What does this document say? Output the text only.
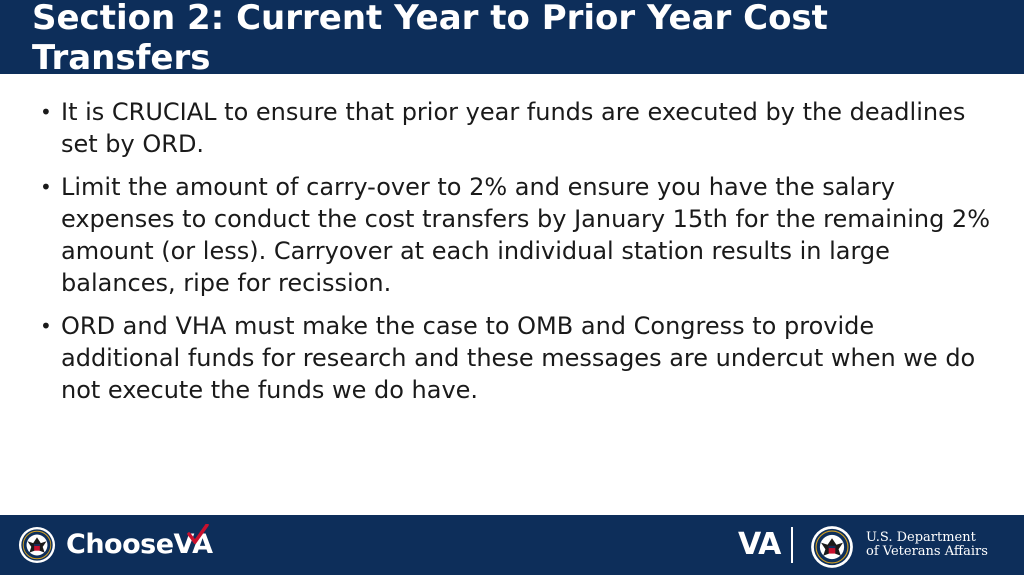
Section 2: Current Year to Prior Year Cost Transfers
• It is CRUCIAL to ensure that prior year funds are executed by the deadlines set by ORD.
• Limit the amount of carry-over to 2% and ensure you have the salary expenses to conduct the cost transfers by January 15th for the remaining 2% amount (or less). Carryover at each individual station results in large balances, ripe for recission.
• ORD and VHA must make the case to OMB and Congress to provide additional funds for research and these messages are undercut when we do not execute the funds we do have.
ChooseVA	VA	U.S. Department
of Veterans Affairs
